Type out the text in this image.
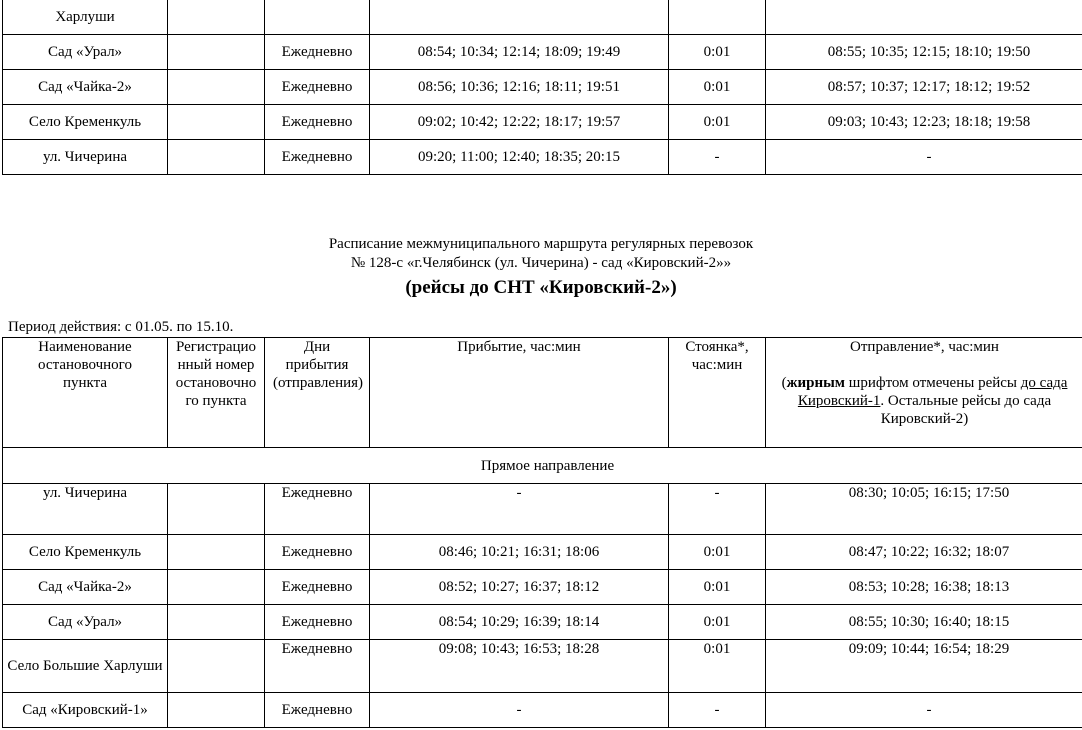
Харлуши					
Сад «Урал»		Ежедневно	08:54; 10:34; 12:14; 18:09; 19:49	0:01	08:55; 10:35; 12:15; 18:10; 19:50
Сад «Чайка-2»		Ежедневно	08:56; 10:36; 12:16; 18:11; 19:51	0:01	08:57; 10:37; 12:17; 18:12; 19:52
Село Кременкуль		Ежедневно	09:02; 10:42; 12:22; 18:17; 19:57	0:01	09:03; 10:43; 12:23; 18:18; 19:58
ул. Чичерина		Ежедневно	09:20; 11:00; 12:40; 18:35; 20:15	-	-
Расписание межмуниципального маршрута регулярных перевозок
№ 128-с «г.Челябинск (ул. Чичерина) - сад «Кировский-2»»
(рейсы до СНТ «Кировский-2»)
Период действия: с 01.05. по 15.10.
Наименование остановочного пункта	Регистрационный номер остановочного пункта	Дни прибытия (отправления)	Прибытие, час:мин	Стоянка*, час:мин	Отправление*, час:мин
(жирным шрифтом отмечены рейсы до сада Кировский-1. Остальные рейсы до сада Кировский-2)

Прямое направление					
ул. Чичерина		Ежедневно	-	-	08:30; 10:05; 16:15; 17:50
Село Кременкуль		Ежедневно	08:46; 10:21; 16:31; 18:06	0:01	08:47; 10:22; 16:32; 18:07
Сад «Чайка-2»		Ежедневно	08:52; 10:27; 16:37; 18:12	0:01	08:53; 10:28; 16:38; 18:13
Сад «Урал»		Ежедневно	08:54; 10:29; 16:39; 18:14	0:01	08:55; 10:30; 16:40; 18:15
Село Большие Харлуши		Ежедневно	09:08; 10:43; 16:53; 18:28	0:01	09:09; 10:44; 16:54; 18:29
Сад «Кировский-1»		Ежедневно	-	-	-
